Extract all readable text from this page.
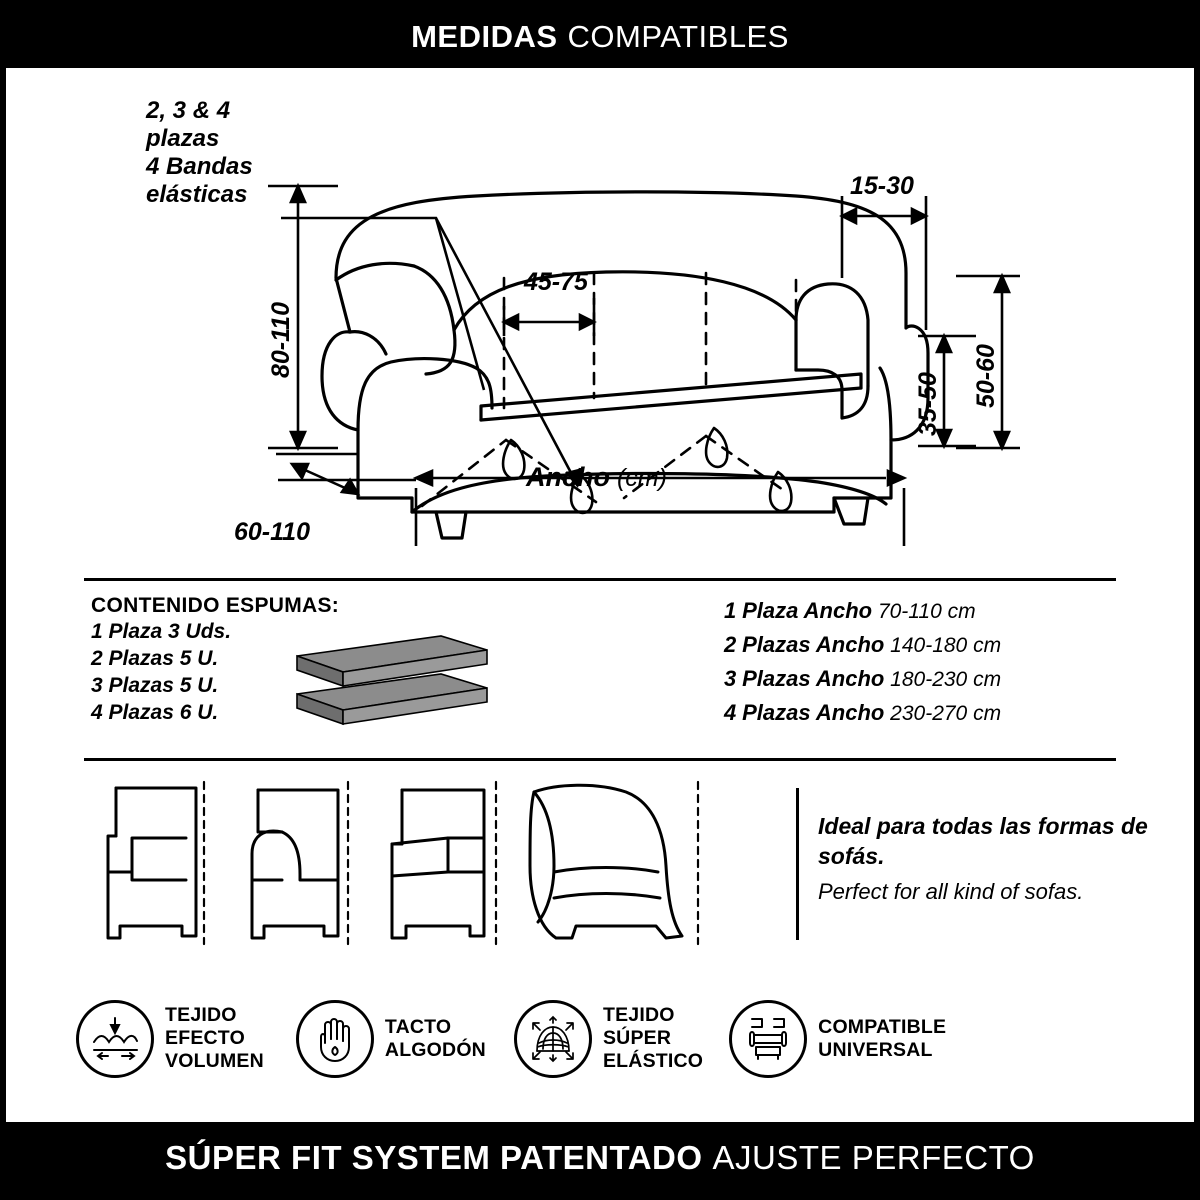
MEDIDAS COMPATIBLES
2, 3 & 4
plazas
4 Bandas
elásticas
80-110
60-110
45-75
15-30
35-50 50-60
Ancho (cm)
CONTENIDO ESPUMAS:
1 Plaza 3 Uds.
2 Plazas 5 U.
3 Plazas 5 U.
4 Plazas 6 U.
1 Plaza Ancho 70-110 cm
2 Plazas Ancho 140-180 cm
3 Plazas Ancho 180-230 cm
4 Plazas Ancho 230-270 cm
Ideal para todas las formas de sofás.
Perfect for all kind of sofas.
TEJIDO
EFECTO
VOLUMEN
TACTO
ALGODÓN
TEJIDO
SÚPER
ELÁSTICO
COMPATIBLE
UNIVERSAL
SÚPER FIT SYSTEM PATENTADO AJUSTE PERFECTO
